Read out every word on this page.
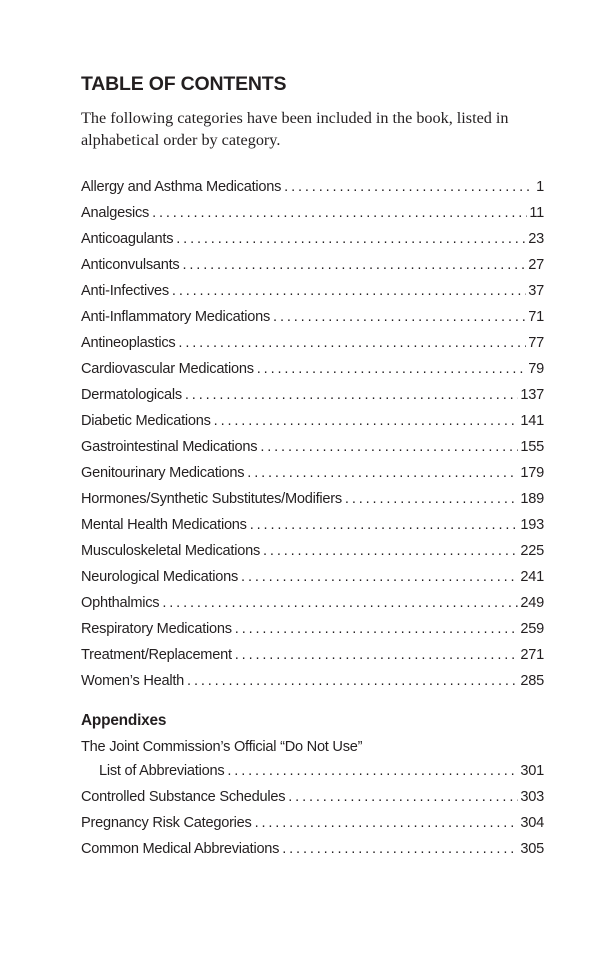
TABLE OF CONTENTS

The following categories have been included in the book, listed in alphabetical order by category.

Allergy and Asthma Medications . . .	1
Analgesics . . .	11
Anticoagulants . . .	23
Anticonvulsants . . .	27
Anti-Infectives . . .	37
Anti-Inflammatory Medications . . .	71
Antineoplastics . . .	77
Cardiovascular Medications . . .	79
Dermatologicals . . .	137
Diabetic Medications . . .	141
Gastrointestinal Medications . . .	155
Genitourinary Medications . . .	179
Hormones/Synthetic Substitutes/Modifiers . . .	189
Mental Health Medications . . .	193
Musculoskeletal Medications . . .	225
Neurological Medications . . .	241
Ophthalmics . . .	249
Respiratory Medications . . .	259
Treatment/Replacement . . .	271
Women’s Health . . .	285
Appendixes
The Joint Commission’s Official “Do Not Use”
List of Abbreviations . . .	301
Controlled Substance Schedules . . .	303
Pregnancy Risk Categories . . .	304
Common Medical Abbreviations . . .	305
